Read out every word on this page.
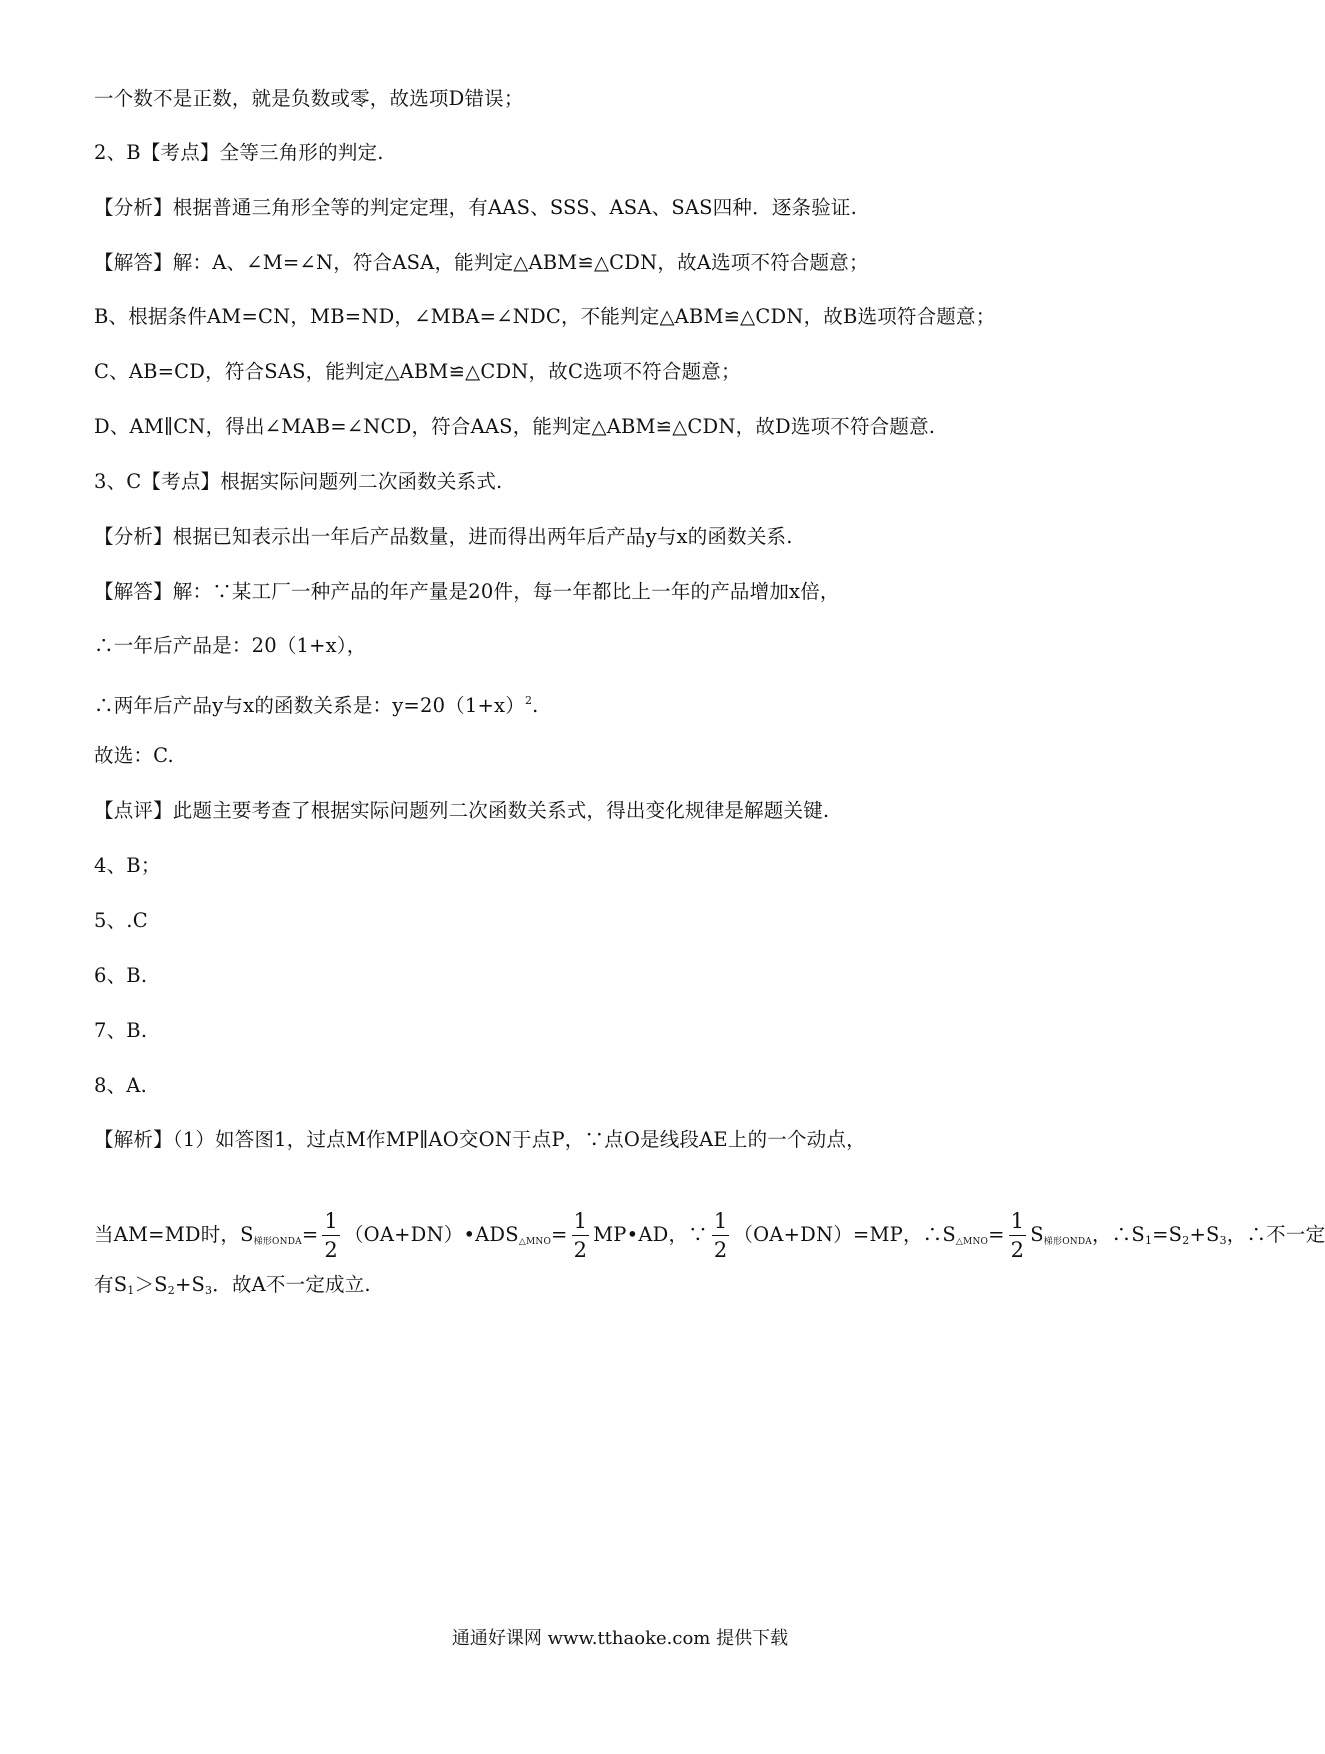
一个数不是正数，就是负数或零，故选项D错误；
2、B【考点】全等三角形的判定.
【分析】根据普通三角形全等的判定定理，有AAS、SSS、ASA、SAS四种．逐条验证.
【解答】解：A、∠M=∠N，符合ASA，能判定△ABM≌△CDN，故A选项不符合题意；
B、根据条件AM=CN，MB=ND，∠MBA=∠NDC，不能判定△ABM≌△CDN，故B选项符合题意；
C、AB=CD，符合SAS，能判定△ABM≌△CDN，故C选项不符合题意；
D、AM∥CN，得出∠MAB=∠NCD，符合AAS，能判定△ABM≌△CDN，故D选项不符合题意.
3、C【考点】根据实际问题列二次函数关系式.
【分析】根据已知表示出一年后产品数量，进而得出两年后产品y与x的函数关系.
【解答】解：∵某工厂一种产品的年产量是20件，每一年都比上一年的产品增加x倍，
∴一年后产品是：20（1+x），
∴两年后产品y与x的函数关系是：$y=20(1+x)^2$.
故选：C.
【点评】此题主要考查了根据实际问题列二次函数关系式，得出变化规律是解题关键.
4、B；
5、.C
6、B.
7、B.
8、A.
【解析】（1）如答图1，过点M作MP∥AO交ON于点P，∵点O是线段AE上的一个动点，
当AM=MD时，S梯形ONDA= $\frac{1}{2}$ （OA+DN）•ADS△MNO= $\frac{1}{2}$ MP•AD，∵ $\frac{1}{2} (OA+DN)=MP$，∴S△MNO= $\frac{1}{2}$ S梯形ONDA，$\therefore S_1=S_2+S_3$，∴不一定
有$S_1>S_2+S_3$．故A不一定成立.
通通好课网 www.tthaoke.com 提供下载
